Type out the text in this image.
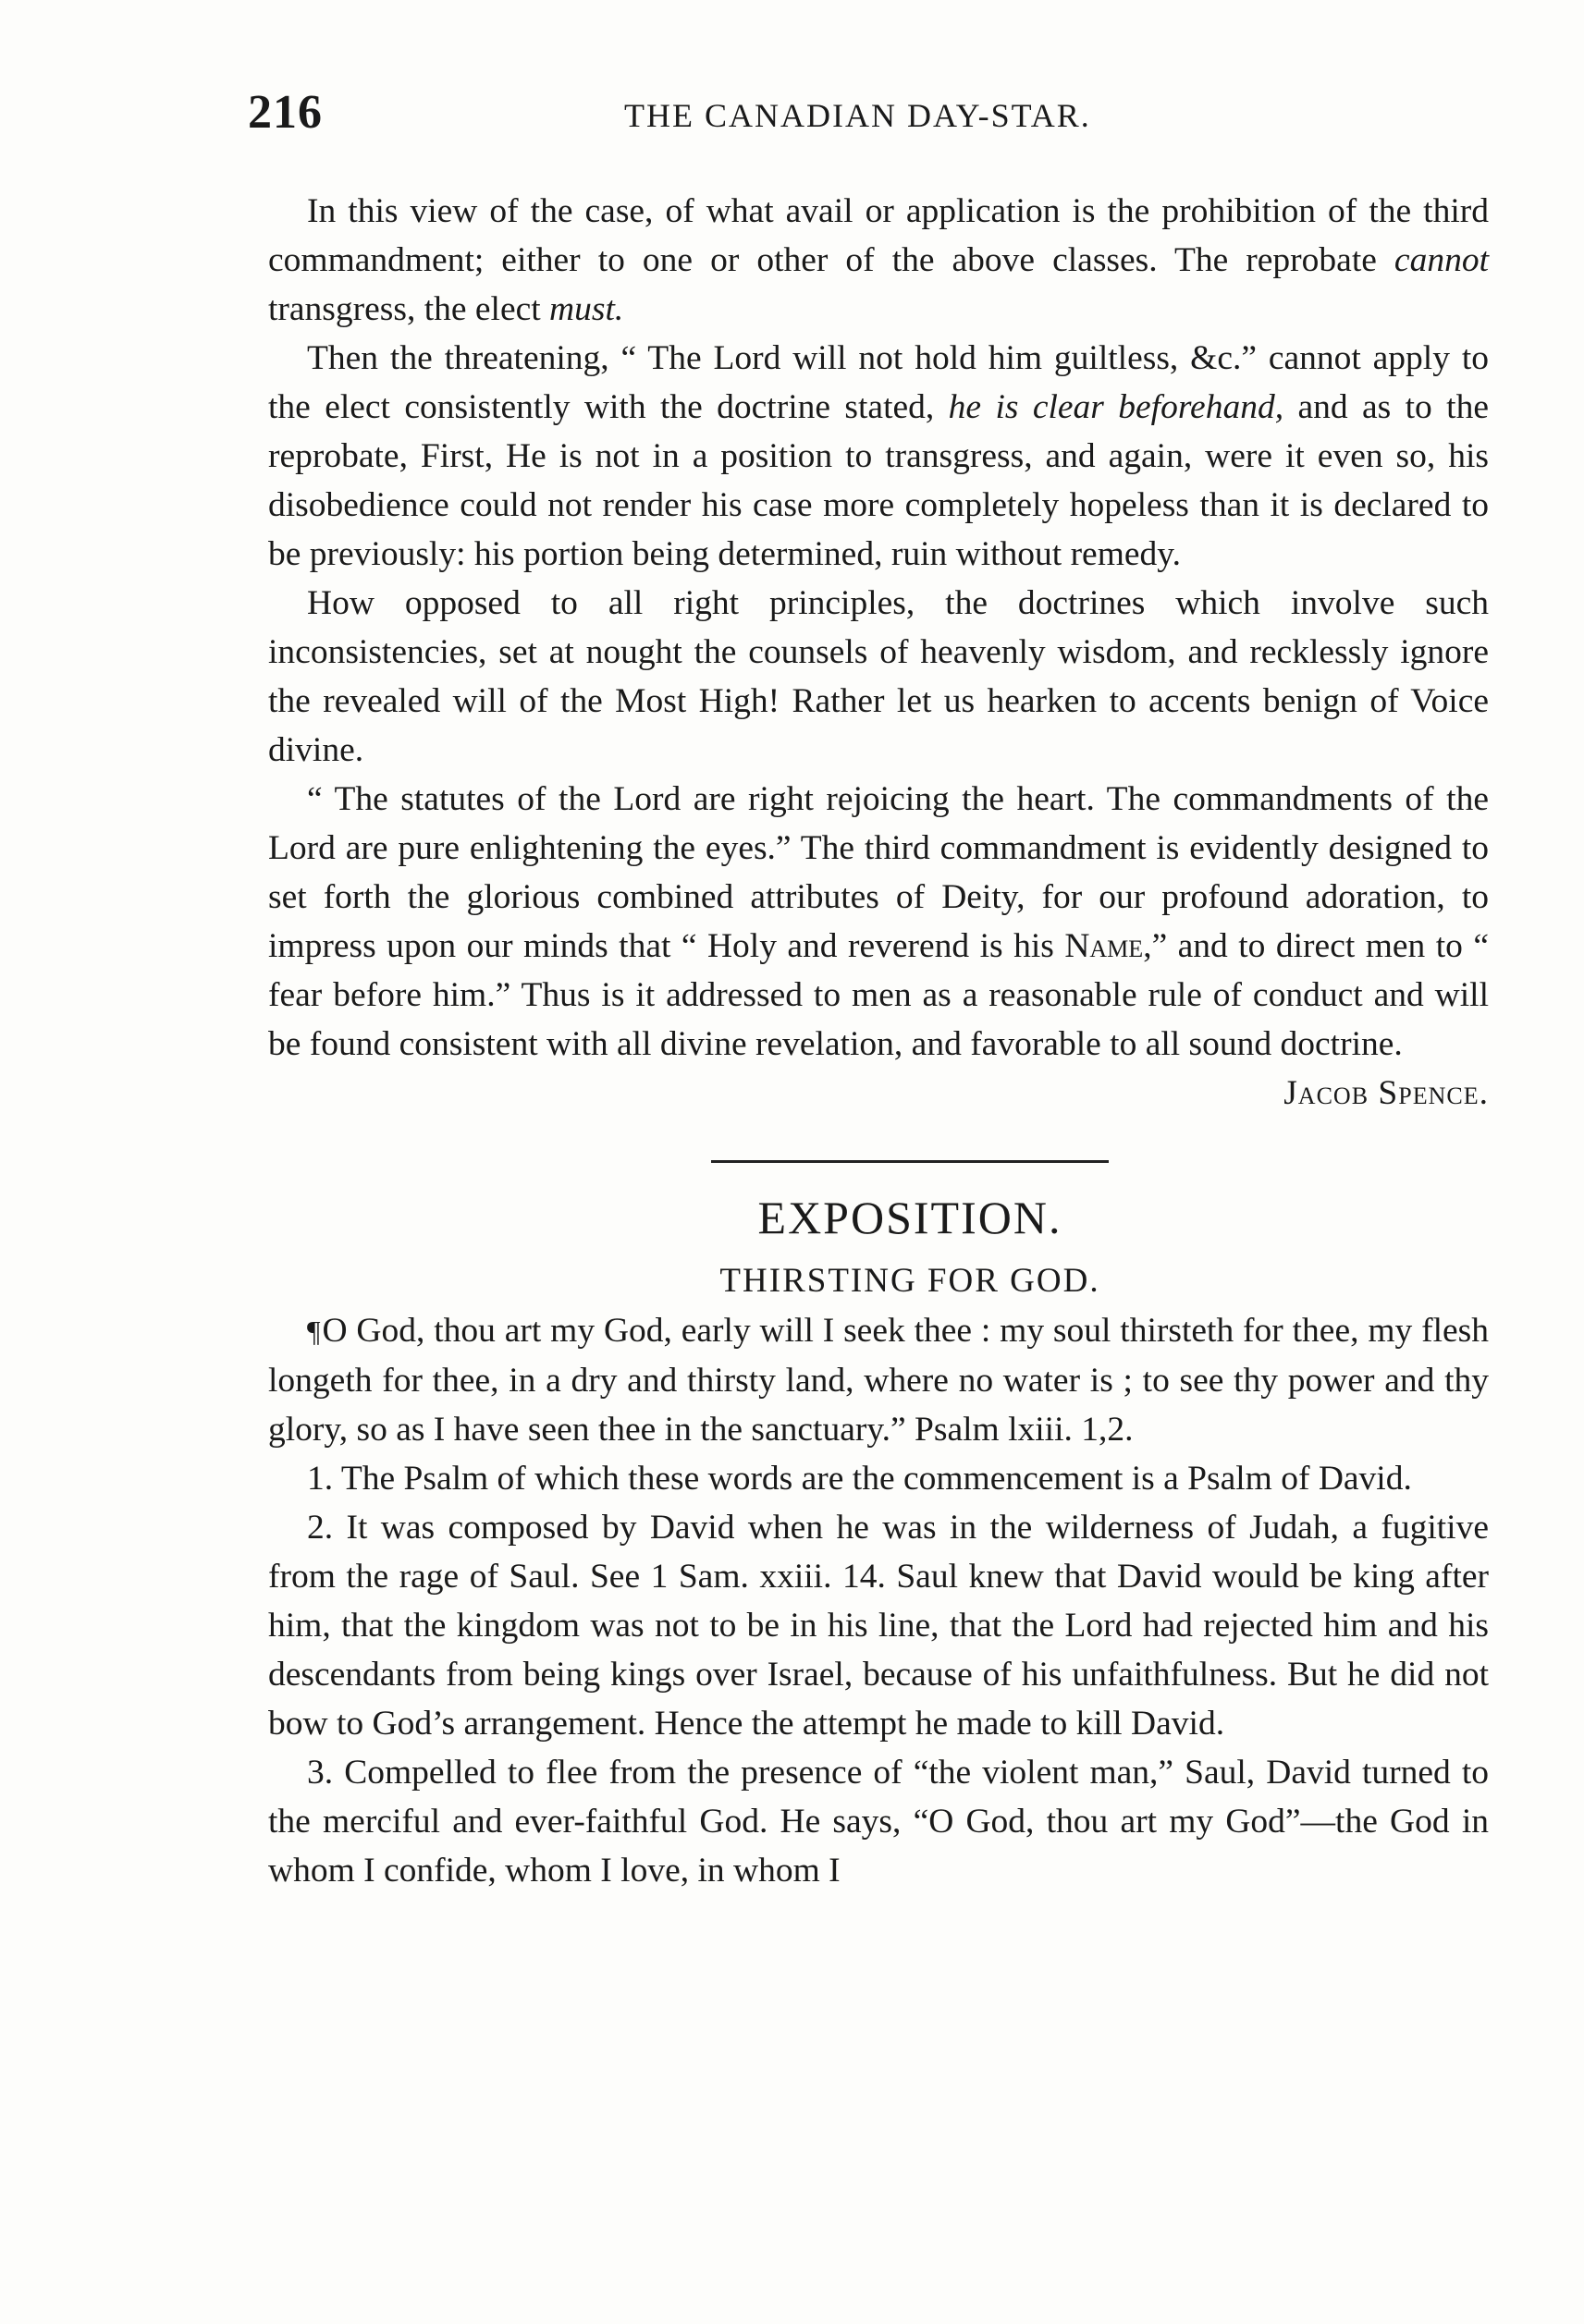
216	THE CANADIAN DAY-STAR.

In this view of the case, of what avail or application is the prohibition of the third commandment; either to one or other of the above classes. The reprobate cannot transgress, the elect must.

Then the threatening, “ The Lord will not hold him guiltless, &c.” cannot apply to the elect consistently with the doctrine stated, he is clear beforehand, and as to the reprobate, First, He is not in a position to transgress, and again, were it even so, his disobedience could not render his case more completely hopeless than it is declared to be previously: his portion being determined, ruin without remedy.

How opposed to all right principles, the doctrines which involve such inconsistencies, set at nought the counsels of heavenly wisdom, and recklessly ignore the revealed will of the Most High! Rather let us hearken to accents benign of Voice divine.

“ The statutes of the Lord are right rejoicing the heart. The commandments of the Lord are pure enlightening the eyes.” The third commandment is evidently designed to set forth the glorious combined attributes of Deity, for our profound adoration, to impress upon our minds that “ Holy and reverend is his Name,” and to direct men to “ fear before him.” Thus is it addressed to men as a reasonable rule of conduct and will be found consistent with all divine revelation, and favorable to all sound doctrine.
Jacob Spence.

EXPOSITION.
THIRSTING FOR GOD.

¶O God, thou art my God, early will I seek thee : my soul thirsteth for thee, my flesh longeth for thee, in a dry and thirsty land, where no water is ; to see thy power and thy glory, so as I have seen thee in the sanctuary.” Psalm lxiii. 1,2.

1. The Psalm of which these words are the commencement is a Psalm of David.

2. It was composed by David when he was in the wilderness of Judah, a fugitive from the rage of Saul. See 1 Sam. xxiii. 14. Saul knew that David would be king after him, that the kingdom was not to be in his line, that the Lord had rejected him and his descendants from being kings over Israel, because of his unfaithfulness. But he did not bow to God’s arrangement. Hence the attempt he made to kill David.

3. Compelled to flee from the presence of “the violent man,” Saul, David turned to the merciful and ever-faithful God. He says, “O God, thou art my God”—the God in whom I confide, whom I love, in whom I
